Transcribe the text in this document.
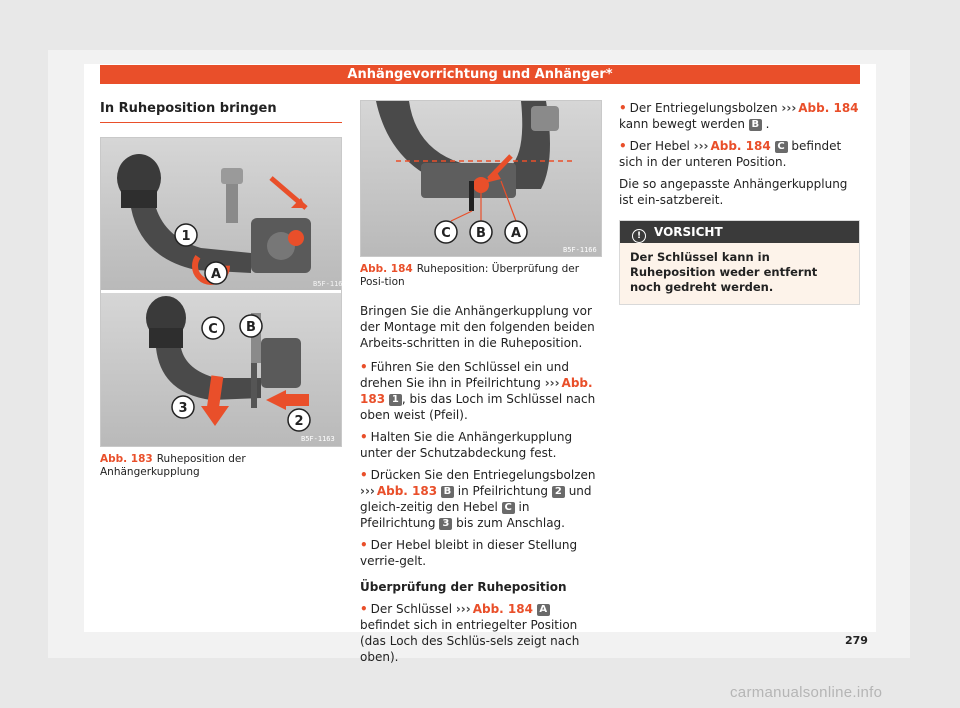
Anhängevorrichtung und Anhänger*
In Ruheposition bringen
1
A
B5F-1163
C B
3
2
B5F-1163
Abb. 183 Ruheposition der Anhängerkupplung
C B A
B5F-1166
Abb. 184 Ruheposition: Überprüfung der Posi-tion

Bringen Sie die Anhängerkupplung vor der Montage mit den folgenden beiden Arbeits-schritten in die Ruheposition.

• Führen Sie den Schlüssel ein und drehen Sie ihn in Pfeilrichtung ››› Abb. 183 1 , bis das Loch im Schlüssel nach oben weist (Pfeil).

• Halten Sie die Anhängerkupplung unter der Schutzabdeckung fest.

• Drücken Sie den Entriegelungsbolzen ››› Abb. 183 B in Pfeilrichtung 2 und gleich-zeitig den Hebel C in Pfeilrichtung 3 bis zum Anschlag.

• Der Hebel bleibt in dieser Stellung verrie-gelt.

Überprüfung der Ruheposition

• Der Schlüssel ››› Abb. 184 A befindet sich in entriegelter Position (das Loch des Schlüs-sels zeigt nach oben).

• Der Entriegelungsbolzen ››› Abb. 184 kann bewegt werden B .

• Der Hebel ››› Abb. 184 C befindet sich in der unteren Position.

Die so angepasste Anhängerkupplung ist ein-satzbereit.

! VORSICHT
Der Schlüssel kann in Ruheposition weder entfernt noch gedreht werden.
279
carmanualsonline.info
